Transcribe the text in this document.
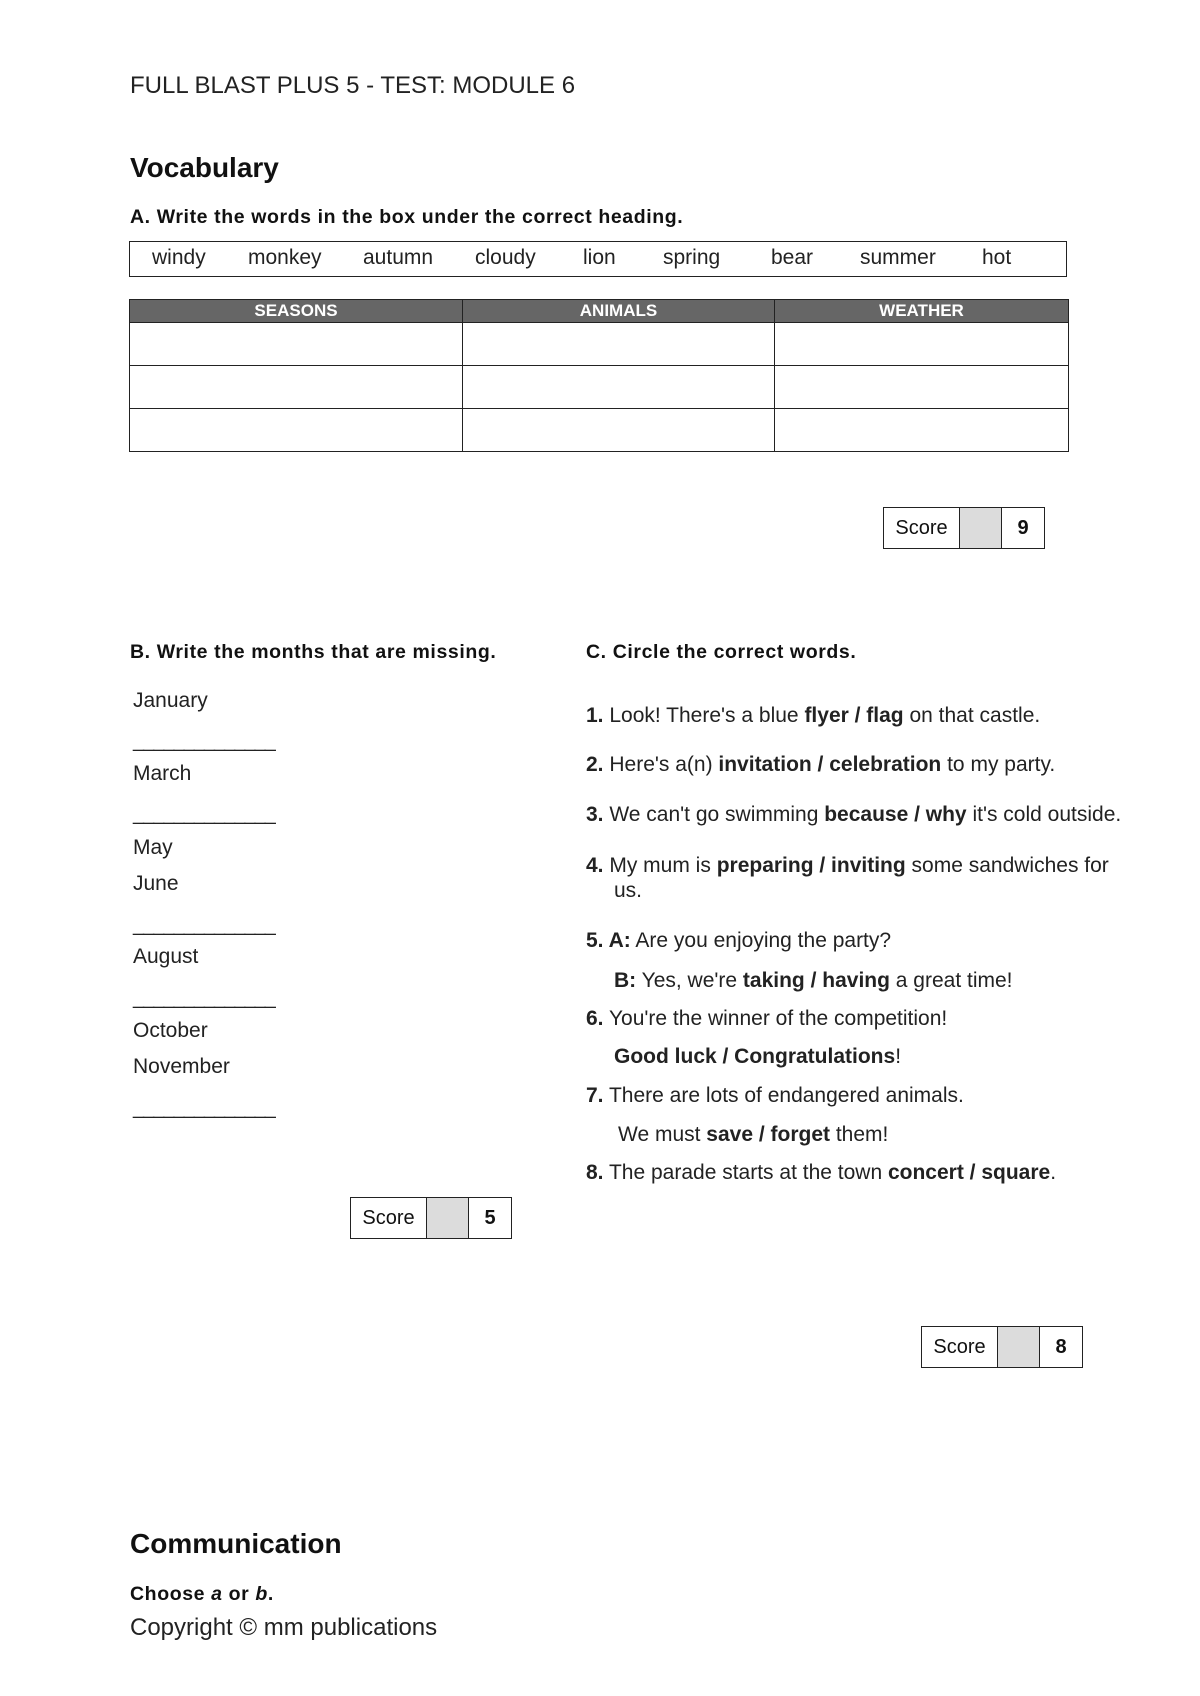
FULL BLAST PLUS 5 - TEST: MODULE 6
Vocabulary
A. Write the words in the box under the correct heading.
windy monkey autumn cloudy lion spring bear summer hot
SEASONS	ANIMALS	WEATHER

Score	9
B. Write the months that are missing.
January
______________
March
______________
May
June
______________
August
______________
October
November
______________
Score	5
C. Circle the correct words.
1. Look! There's a blue flyer / flag on that castle.
2. Here's a(n) invitation / celebration to my party.
3. We can't go swimming because / why it's cold outside.
4. My mum is preparing / inviting some sandwiches for
us.
5. A: Are you enjoying the party?
B: Yes, we're taking / having a great time!
6. You're the winner of the competition!
Good luck / Congratulations!
7. There are lots of endangered animals.
We must save / forget them!
8. The parade starts at the town concert / square.
Score	8
Communication
Choose a or b.
Copyright © mm publications
